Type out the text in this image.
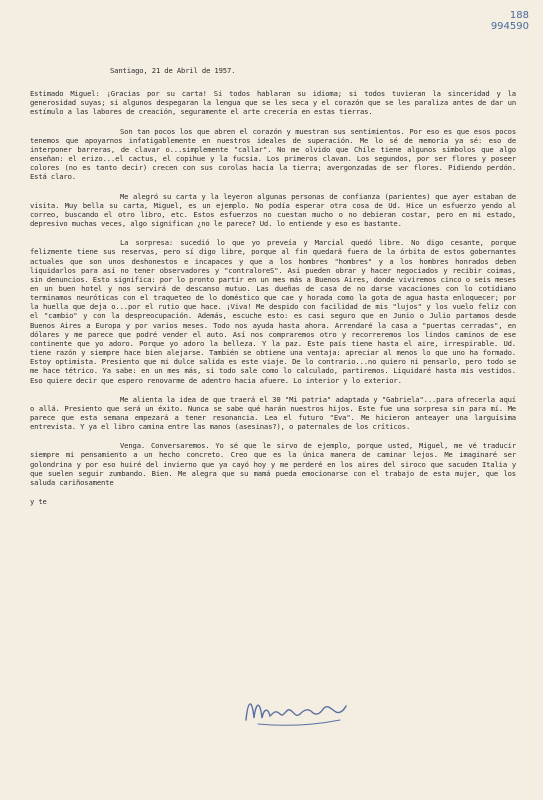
188
994590
Santiago, 21 de Abril de 1957.

Estimado Miguel: ¡Gracias por su carta! Si todos hablaran su idioma; si todos tuvieran la sinceridad y la generosidad suyas; si algunos despegaran la lengua que se les seca y el corazón que se les paraliza antes de dar un estímulo a las labores de creación, seguramente el arte crecería en estas tierras.

Son tan pocos los que abren el corazón y muestran sus sentimientos. Por eso es que esos pocos tenemos que apoyarnos infatigablemente en nuestros ideales de superación. Me lo sé de memoria ya sé: eso de interponer barreras, de clavar o...simplemente "callar". No me olvido que Chile tiene algunos símbolos que algo enseñan: el erizo...el cactus, el copihue y la fucsia. Los primeros clavan. Los segundos, por ser flores y poseer colores (no es tanto decir) crecen con sus corolas hacia la tierra; avergonzadas de ser flores. Pidiendo perdón. Está claro.

Me alegró su carta y la leyeron algunas personas de confianza (parientes) que ayer estaban de visita. Muy bella su carta, Miguel, es un ejemplo. No podía esperar otra cosa de Ud. Hice un esfuerzo yendo al correo, buscando el otro libro, etc. Estos esfuerzos no cuestan mucho o no debieran costar, pero en mi estado, depresivo muchas veces, algo significan ¿no le parece? Ud. lo entiende y eso es bastante.

La sorpresa: sucedió lo que yo preveía y Marcial quedó libre. No digo cesante, porque felizmente tiene sus reservas, pero sí digo libre, porque al fin quedará fuera de la órbita de estos gobernantes actuales que son unos deshonestos e incapaces y que a los hombres "hombres" y a los hombres honrados deben liquidarlos para así no tener observadores y "contraloreS". Así pueden obrar y hacer negociados y recibir coimas, sin denuncios. Esto significa: por lo pronto partir en un mes más a Buenos Aires, donde viviremos cinco o seis meses en un buen hotel y nos servirá de descanso mutuo. Las dueñas de casa de no darse vacaciones con lo cotidiano terminamos neuróticas con el traqueteo de lo doméstico que cae y horada como la gota de agua hasta enloquecer; por la huella que deja o...por el rutio que hace. ¡Viva! Me despido con facilidad de mis "lujos" y los vuelo feliz con el "cambio" y con la despreocupación. Además, escuche esto: es casi seguro que en Junio o Julio partamos desde Buenos Aires a Europa y por varios meses. Todo nos ayuda hasta ahora. Arrendaré la casa a "puertas cerradas", en dólares y me parece que podré vender el auto. Así nos compraremos otro y recorreremos los lindos caminos de ese continente que yo adoro. Porque yo adoro la belleza. Y la paz. Este país tiene hasta el aire, irrespirable. Ud. tiene razón y siempre hace bien alejarse. También se obtiene una ventaja: apreciar al menos lo que uno ha formado. Estoy optimista. Presiento que mi dulce salida es este viaje. De lo contrario...no quiero ni pensarlo, pero todo se me hace tétrico. Ya sabe: en un mes más, si todo sale como lo calculado, partiremos. Liquidaré hasta mis vestidos. Eso quiere decir que espero renovarme de adentro hacia afuere. Lo interior y lo exterior.

Me alienta la idea de que traerá el 30 "Mi patria" adaptada y "Gabriela"...para ofrecerla aquí o allá. Presiento que será un éxito. Nunca se sabe qué harán nuestros hijos. Este fue una sorpresa sin para mí. Me parece que esta semana empezará a tener resonancia. Lea el futuro "Eva". Me hicieron anteayer una larguísima entrevista. Y ya el libro camina entre las manos (asesinas?), o paternales de los críticos.

Venga. Conversaremos. Yo sé que le sirvo de ejemplo, porque usted, Miguel, me vé traducir siempre mi pensamiento a un hecho concreto. Creo que es la única manera de caminar lejos. Me imaginaré ser golondrina y por eso huiré del invierno que ya cayó hoy y me perderé en los aires del siroco que sacuden Italia y que suelen seguir zumbando. Bien. Me alegra que su mamá pueda emocionarse con el trabajo de esta mujer, que los saluda cariñosamente

y te
